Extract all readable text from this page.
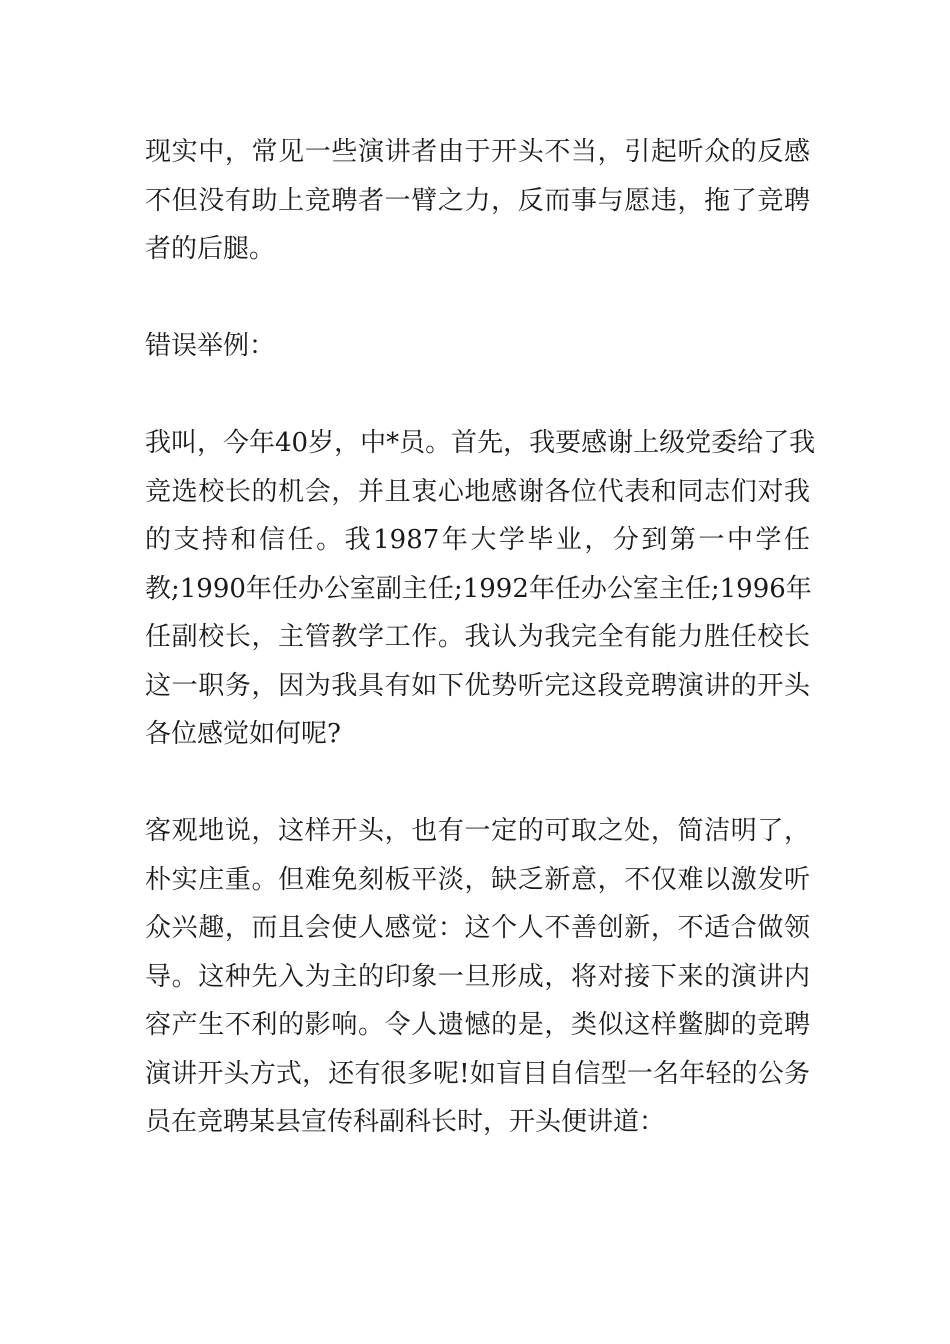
现实中，常见一些演讲者由于开头不当，引起听众的反感
不但没有助上竞聘者一臂之力，反而事与愿违，拖了竞聘
者的后腿。
错误举例：
我叫，今年40岁，中*员。首先，我要感谢上级党委给了我
竞选校长的机会，并且衷心地感谢各位代表和同志们对我
的支持和信任。我1987年大学毕业，分到第一中学任
教;1990年任办公室副主任;1992年任办公室主任;1996年
任副校长，主管教学工作。我认为我完全有能力胜任校长
这一职务，因为我具有如下优势听完这段竞聘演讲的开头
各位感觉如何呢?
客观地说，这样开头，也有一定的可取之处，简洁明了，
朴实庄重。但难免刻板平淡，缺乏新意，不仅难以激发听
众兴趣，而且会使人感觉：这个人不善创新，不适合做领
导。这种先入为主的印象一旦形成，将对接下来的演讲内
容产生不利的影响。令人遗憾的是，类似这样鳖脚的竞聘
演讲开头方式，还有很多呢!如盲目自信型一名年轻的公务
员在竞聘某县宣传科副科长时，开头便讲道：
